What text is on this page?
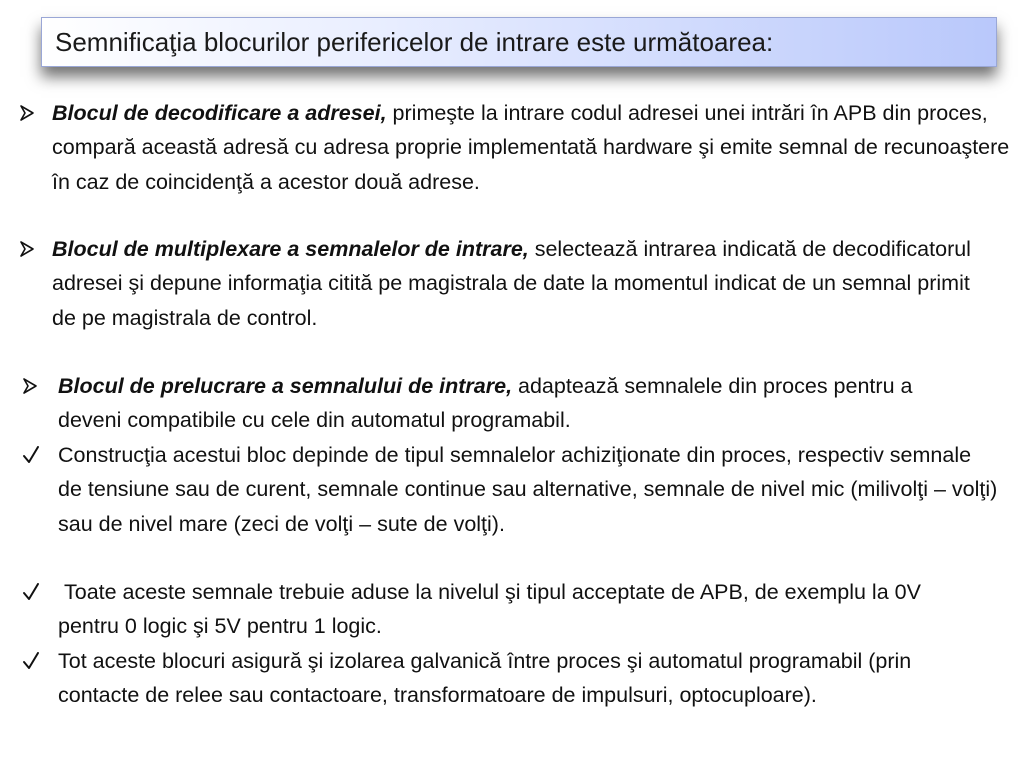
Semnificaţia blocurilor perifericelor de intrare este următoarea:
Blocul de decodificare a adresei, primeşte la intrare codul adresei unei intrări în APB din proces, compară această adresă cu adresa proprie implementată hardware şi emite semnal de recunoaştere în caz de coincidenţă a acestor două adrese.
Blocul de multiplexare a semnalelor de intrare, selectează intrarea indicată de decodificatorul adresei şi depune informaţia citită pe magistrala de date la momentul indicat de un semnal primit de pe magistrala de control.
Blocul de prelucrare a semnalului de intrare, adaptează semnalele din proces pentru a deveni compatibile cu cele din automatul programabil.
Construcţia acestui bloc depinde de tipul semnalelor achiziţionate din proces, respectiv semnale de tensiune sau de curent, semnale continue sau alternative, semnale de nivel mic (milivolţi – volţi) sau de nivel mare (zeci de volţi – sute de volţi).
Toate aceste semnale trebuie aduse la nivelul şi tipul acceptate de APB, de exemplu la 0V pentru 0 logic şi 5V pentru 1 logic.
Tot aceste blocuri asigură şi izolarea galvanică între proces şi automatul programabil (prin contacte de relee sau contactoare, transformatoare de impulsuri, optocuploare).
